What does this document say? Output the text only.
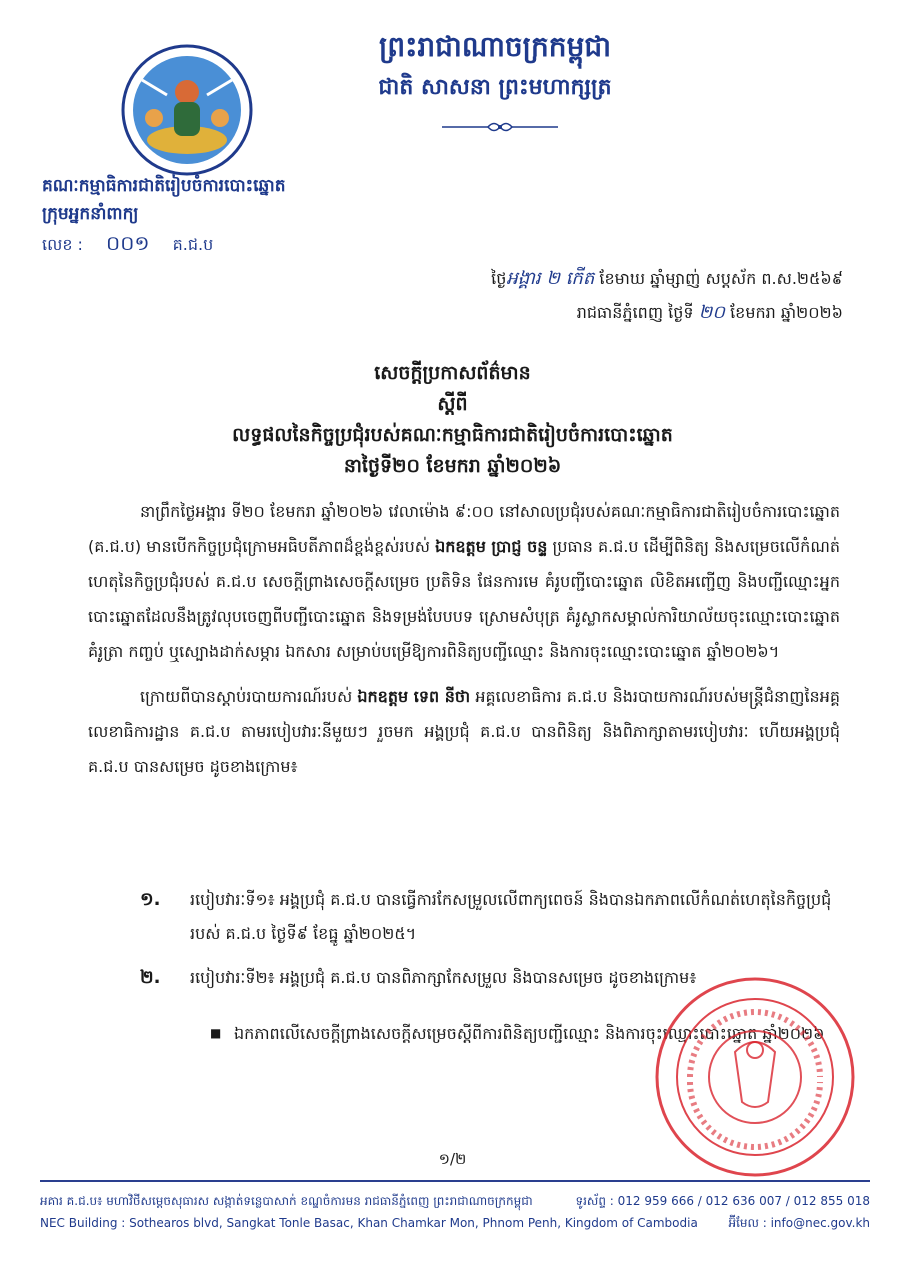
ព្រះរាជាណាចក្រកម្ពុជា
ជាតិ សាសនា ព្រះមហាក្សត្រ
គណៈកម្មាធិការជាតិរៀបចំការបោះឆ្នោត
ក្រុមអ្នកនាំពាក្យ
លេខ : ០០១ គ.ជ.ប
ថ្ងៃអង្គារ ២ កើត ខែមាឃ ឆ្នាំម្សាញ់ សប្តស័ក ព.ស.២៥៦៩
រាជធានីភ្នំពេញ ថ្ងៃទី ២០ ខែមករា ឆ្នាំ២០២៦
សេចក្តីប្រកាសព័ត៌មាន
ស្តីពី
លទ្ធផលនៃកិច្ចប្រជុំរបស់គណៈកម្មាធិការជាតិរៀបចំការបោះឆ្នោត
នាថ្ងៃទី២០ ខែមករា ឆ្នាំ២០២៦

នាព្រឹកថ្ងៃអង្គារ ទី២០ ខែមករា ឆ្នាំ២០២៦ វេលាម៉ោង ៩:០០ នៅសាលប្រជុំរបស់គណៈកម្មាធិការជាតិរៀបចំការបោះឆ្នោត (គ.ជ.ប) មានបើកកិច្ចប្រជុំក្រោមអធិបតីភាពដ៏ខ្ពង់ខ្ពស់របស់ ឯកឧត្តម ប្រាជ្ញ ចន្ទ ប្រធាន គ.ជ.ប ដើម្បីពិនិត្យ និងសម្រេចលើកំណត់ហេតុនៃកិច្ចប្រជុំរបស់ គ.ជ.ប សេចក្តីព្រាងសេចក្តីសម្រេច ប្រតិទិន ផែនការមេ គំរូបញ្ជីបោះឆ្នោត លិខិតអញ្ជើញ និងបញ្ជីឈ្មោះអ្នកបោះឆ្នោតដែលនឹងត្រូវលុបចេញពីបញ្ជីបោះឆ្នោត និងទម្រង់បែបបទ ស្រោមសំបុត្រ គំរូស្លាកសម្គាល់ការិយាល័យចុះឈ្មោះបោះឆ្នោត គំរូត្រា កញ្ចប់ ឬស្បោងដាក់សម្ភារ ឯកសារ សម្រាប់បម្រើឱ្យការពិនិត្យបញ្ជីឈ្មោះ និងការចុះឈ្មោះបោះឆ្នោត ឆ្នាំ២០២៦។

ក្រោយពីបានស្តាប់របាយការណ៍របស់ ឯកឧត្តម ទេព នីថា អគ្គលេខាធិការ គ.ជ.ប និងរបាយការណ៍របស់មន្ត្រីជំនាញនៃអគ្គលេខាធិការដ្ឋាន គ.ជ.ប តាមរបៀបវារៈនីមួយៗ រួចមក អង្គប្រជុំ គ.ជ.ប បានពិនិត្យ និងពិភាក្សាតាមរបៀបវារៈ ហើយអង្គប្រជុំ គ.ជ.ប បានសម្រេច ដូចខាងក្រោម៖

១.	របៀបវារៈទី១៖ អង្គប្រជុំ គ.ជ.ប បានធ្វើការកែសម្រួលលើពាក្យពេចន៍ និងបានឯកភាពលើកំណត់ហេតុនៃកិច្ចប្រជុំរបស់ គ.ជ.ប ថ្ងៃទី៩ ខែធ្នូ ឆ្នាំ២០២៥។
២.	របៀបវារៈទី២៖ អង្គប្រជុំ គ.ជ.ប បានពិភាក្សាកែសម្រួល និងបានសម្រេច ដូចខាងក្រោម៖
■ ឯកភាពលើសេចក្តីព្រាងសេចក្តីសម្រេចស្តីពីការពិនិត្យបញ្ជីឈ្មោះ និងការចុះឈ្មោះបោះឆ្នោត ឆ្នាំ២០២៦
១/២
អគារ គ.ជ.ប៖ មហាវិថីសម្តេចសុធារស សង្កាត់ទន្លេបាសាក់ ខណ្ឌចំការមន រាជធានីភ្នំពេញ ព្រះរាជាណាចក្រកម្ពុជា	ទូរស័ព្ទ : 012 959 666 / 012 636 007 / 012 855 018
NEC Building : Sothearos blvd, Sangkat Tonle Basac, Khan Chamkar Mon, Phnom Penh, Kingdom of Cambodia	អ៊ីមែល : info@nec.gov.kh
